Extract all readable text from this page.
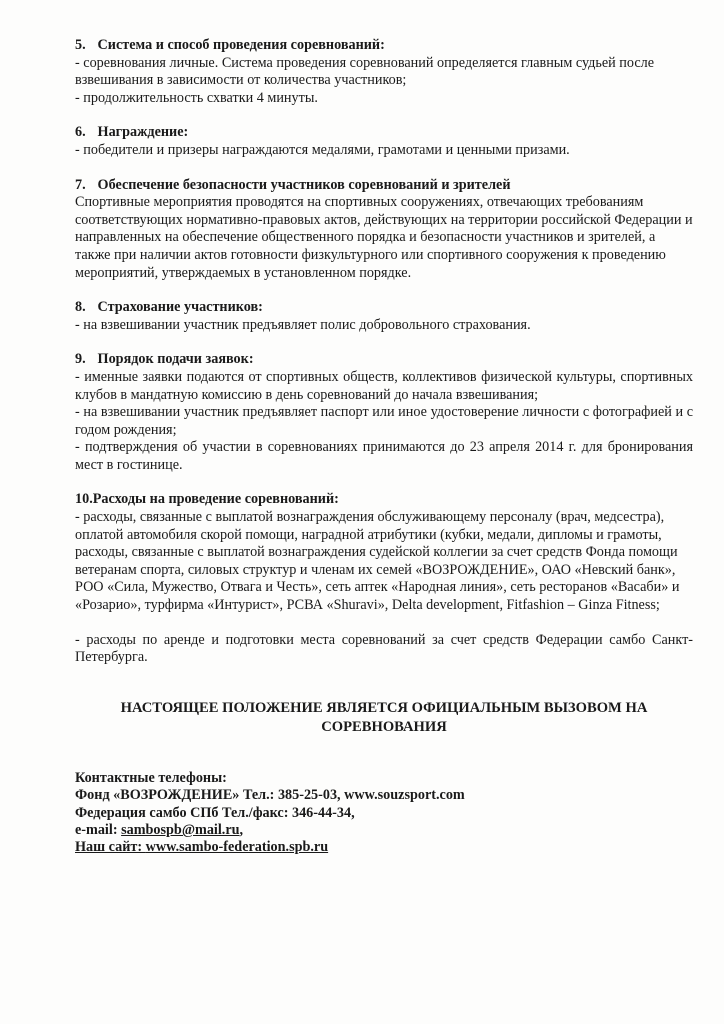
5. Система и способ проведения соревнований:

- соревнования личные. Система проведения соревнований определяется главным судьей после взвешивания в зависимости от количества участников;

- продолжительность схватки 4 минуты.

6. Награждение:

- победители и призеры награждаются медалями, грамотами и ценными призами.

7. Обеспечение безопасности участников соревнований и зрителей

Спортивные мероприятия проводятся на спортивных сооружениях, отвечающих требованиям соответствующих нормативно-правовых актов, действующих на территории российской Федерации и направленных на обеспечение общественного порядка и безопасности участников и зрителей, а также при наличии актов готовности физкультурного или спортивного сооружения к проведению мероприятий, утверждаемых в установленном порядке.

8. Страхование участников:

- на взвешивании участник предъявляет полис добровольного страхования.

9. Порядок подачи заявок:

- именные заявки подаются от спортивных обществ, коллективов физической культуры, спортивных клубов в мандатную комиссию в день соревнований до начала взвешивания;

- на взвешивании участник предъявляет паспорт или иное удостоверение личности с фотографией и с годом рождения;

- подтверждения об участии в соревнованиях принимаются до 23 апреля 2014 г. для бронирования мест в гостинице.

10.Расходы на проведение соревнований:

- расходы, связанные с выплатой вознаграждения обслуживающему персоналу (врач, медсестра), оплатой автомобиля скорой помощи, наградной атрибутики (кубки, медали, дипломы и грамоты, расходы, связанные с выплатой вознаграждения судейской коллегии за счет средств Фонда помощи ветеранам спорта, силовых структур и членам их семей «ВОЗРОЖДЕНИЕ», ОАО «Невский банк», РОО «Сила, Мужество, Отвага и Честь», сеть аптек «Народная линия», сеть ресторанов «Васаби» и «Розарио», турфирма «Интурист», РСВА «Shuravi», Delta development, Fitfashion – Ginza Fitness;

- расходы по аренде и подготовки места соревнований за счет средств Федерации самбо Санкт-Петербурга.

НАСТОЯЩЕЕ ПОЛОЖЕНИЕ ЯВЛЯЕТСЯ ОФИЦИАЛЬНЫМ ВЫЗОВОМ НА СОРЕВНОВАНИЯ
Контактные телефоны:
Фонд «ВОЗРОЖДЕНИЕ» Тел.: 385-25-03, www.souzsport.com
Федерация самбо СПб Тел./факс: 346-44-34,
e-mail: sambospb@mail.ru,
Наш сайт: www.sambo-federation.spb.ru
